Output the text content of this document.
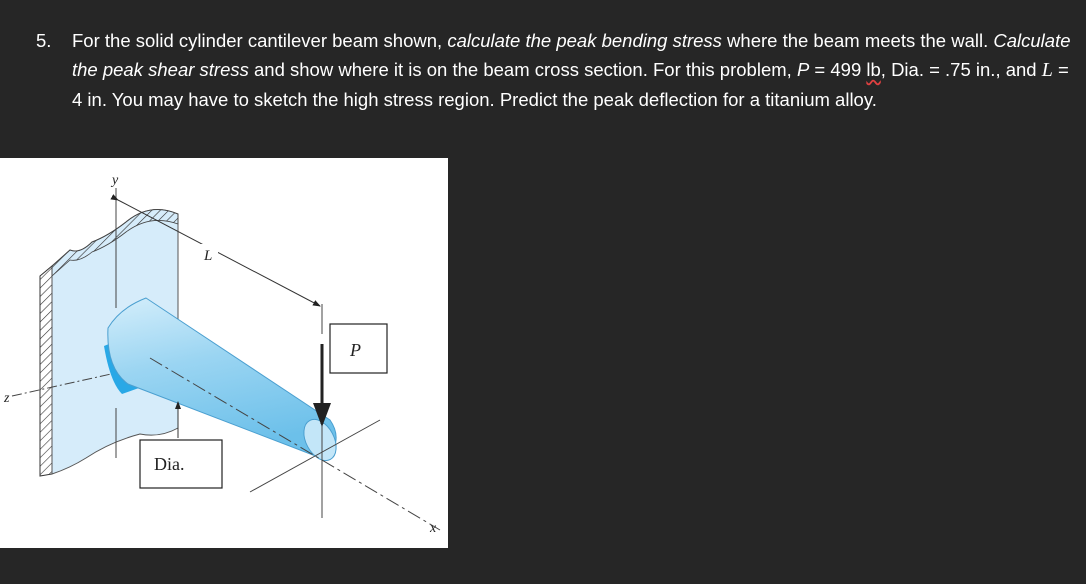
5. For the solid cylinder cantilever beam shown, calculate the peak bending stress where the beam meets the wall. Calculate the peak shear stress and show where it is on the beam cross section. For this problem, P = 499 lb, Dia. = .75 in., and L = 4 in. You may have to sketch the high stress region. Predict the peak deflection for a titanium alloy.
y
z
L
x
P
Dia.
